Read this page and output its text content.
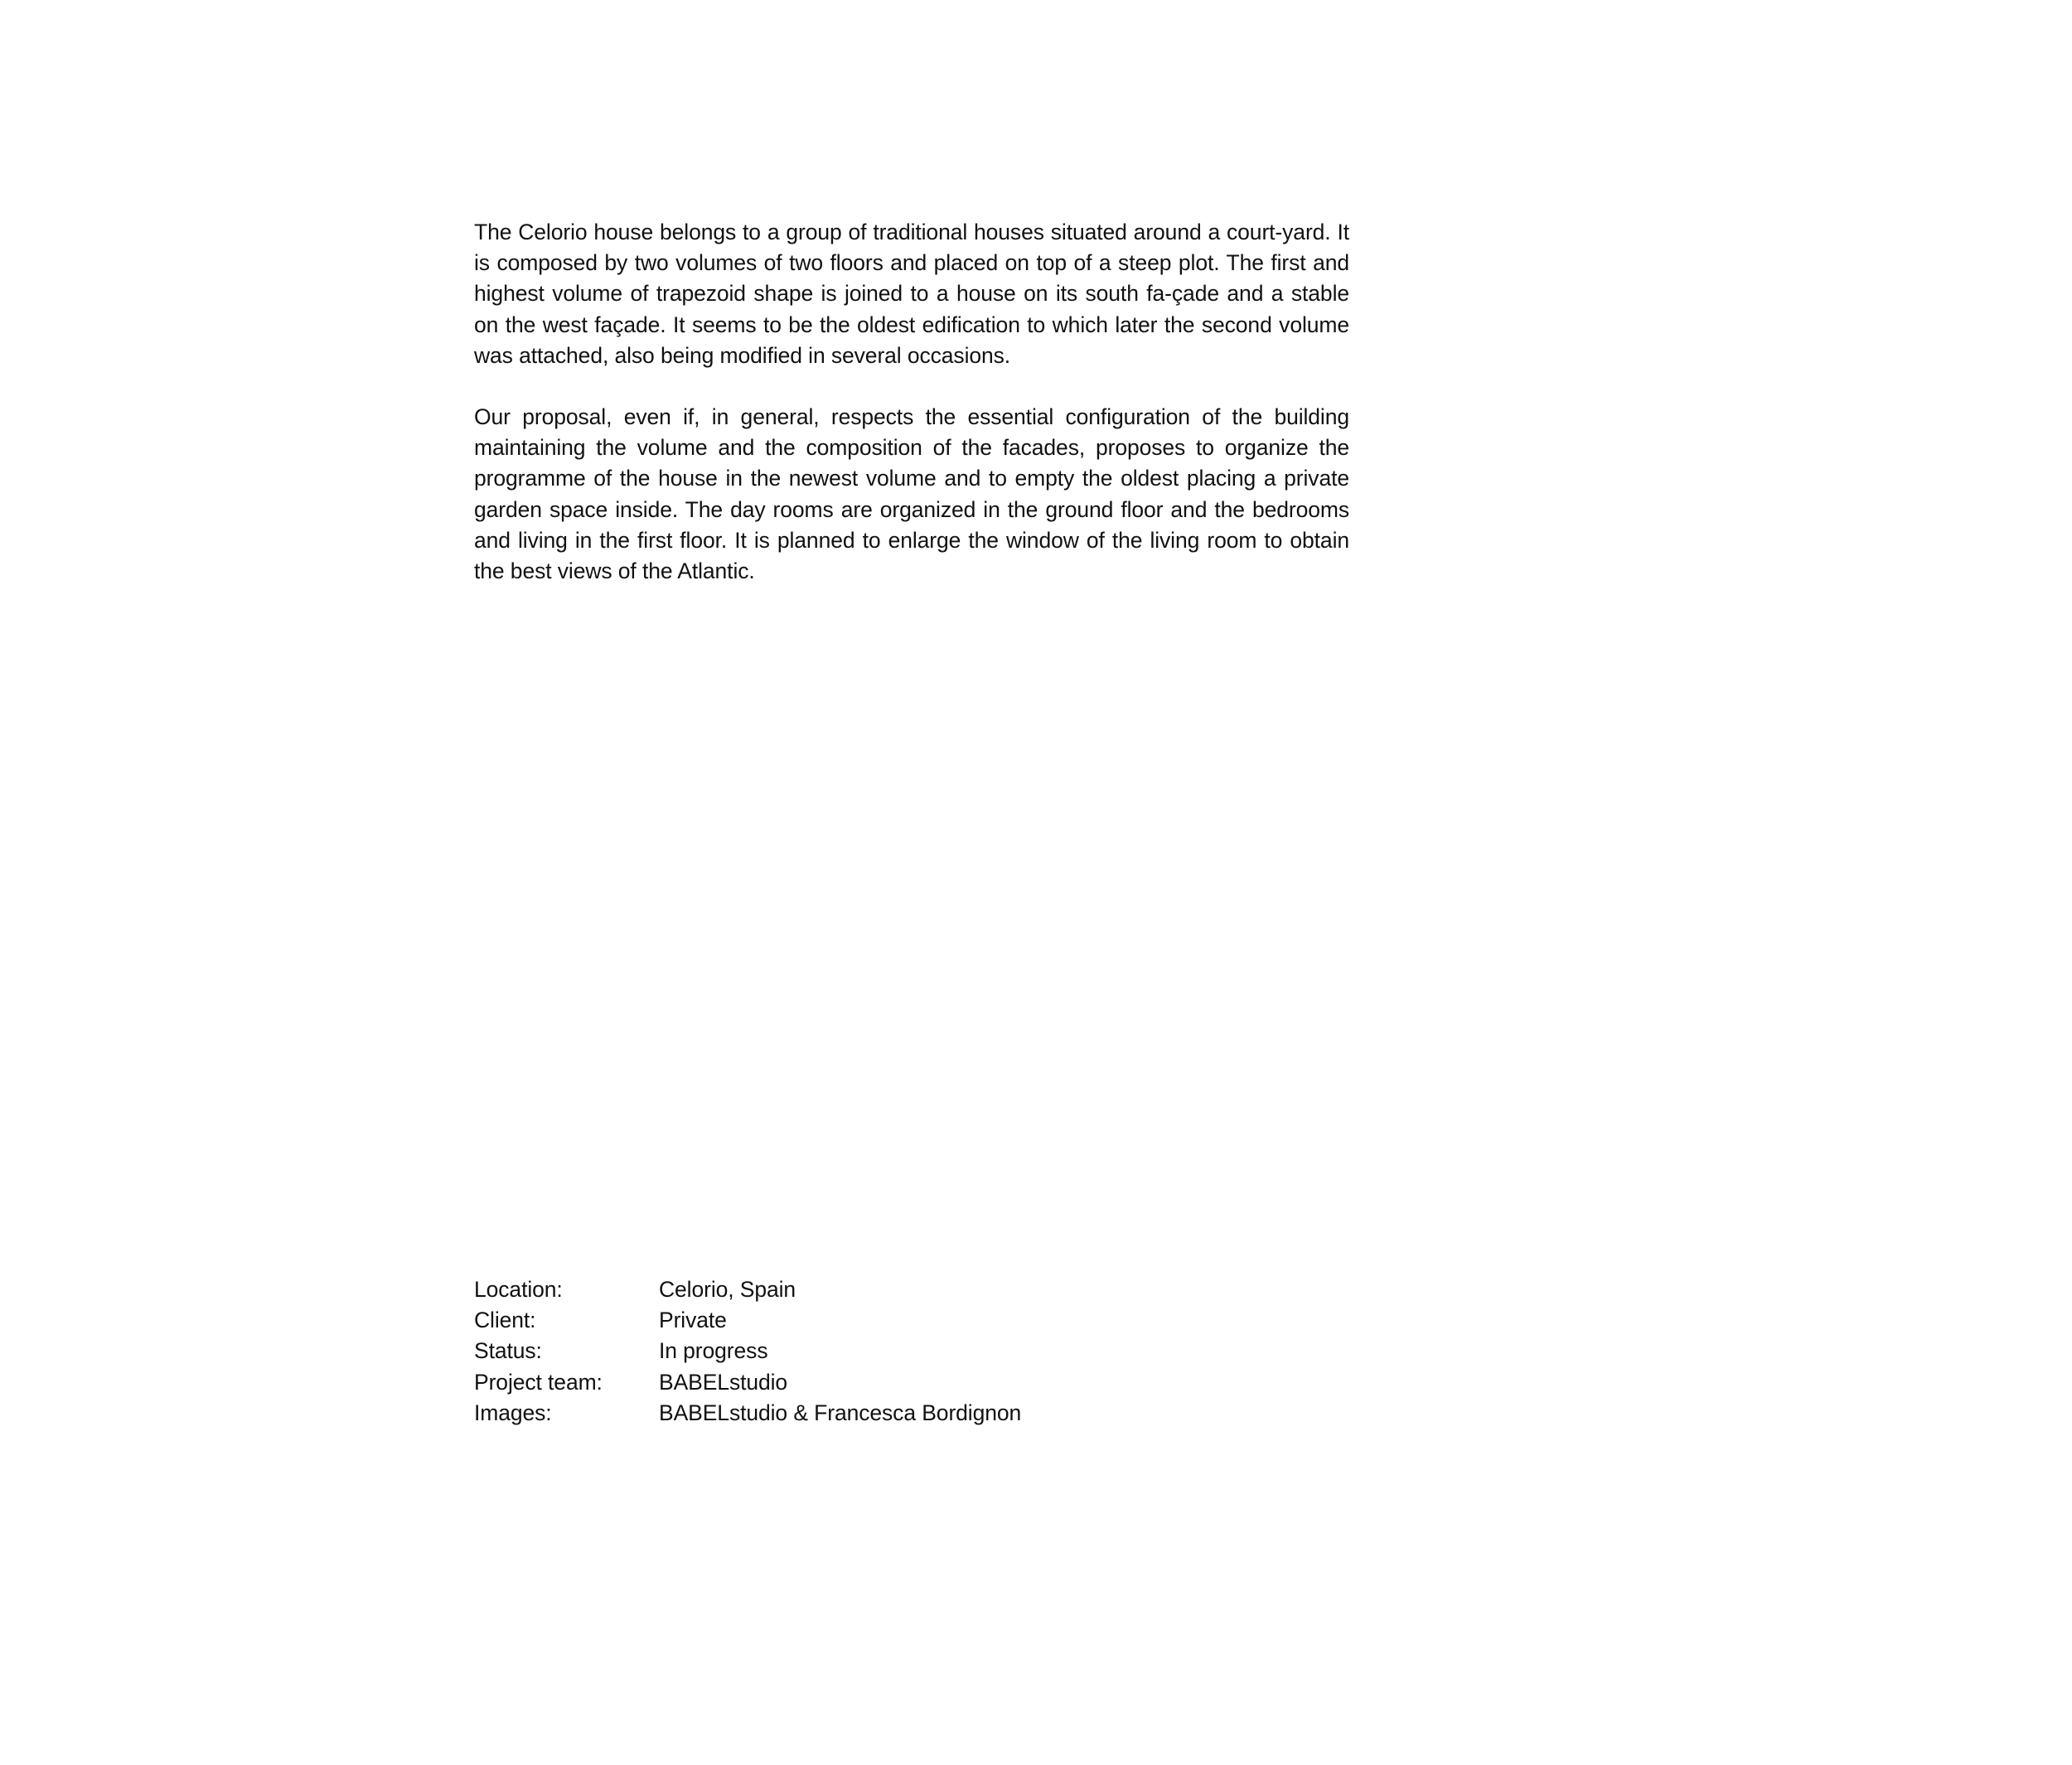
The Celorio house belongs to a group of traditional houses situated around a court-yard. It is composed by two volumes of two floors and placed on top of a steep plot. The first and highest volume of trapezoid shape is joined to a house on its south fa-çade and a stable on the west façade. It seems to be the oldest edification to which later the second volume was attached, also being modified in several occasions.

Our proposal, even if, in general, respects the essential configuration of the building maintaining the volume and the composition of the facades, proposes to organize the programme of the house in the newest volume and to empty the oldest placing a private garden space inside. The day rooms are organized in the ground floor and the bedrooms and living in the first floor. It is planned to enlarge the window of the living room to obtain the best views of the Atlantic.

Location:	Celorio, Spain
Client:	Private
Status:	In progress
Project team:	BABELstudio
Images:	BABELstudio & Francesca Bordignon
